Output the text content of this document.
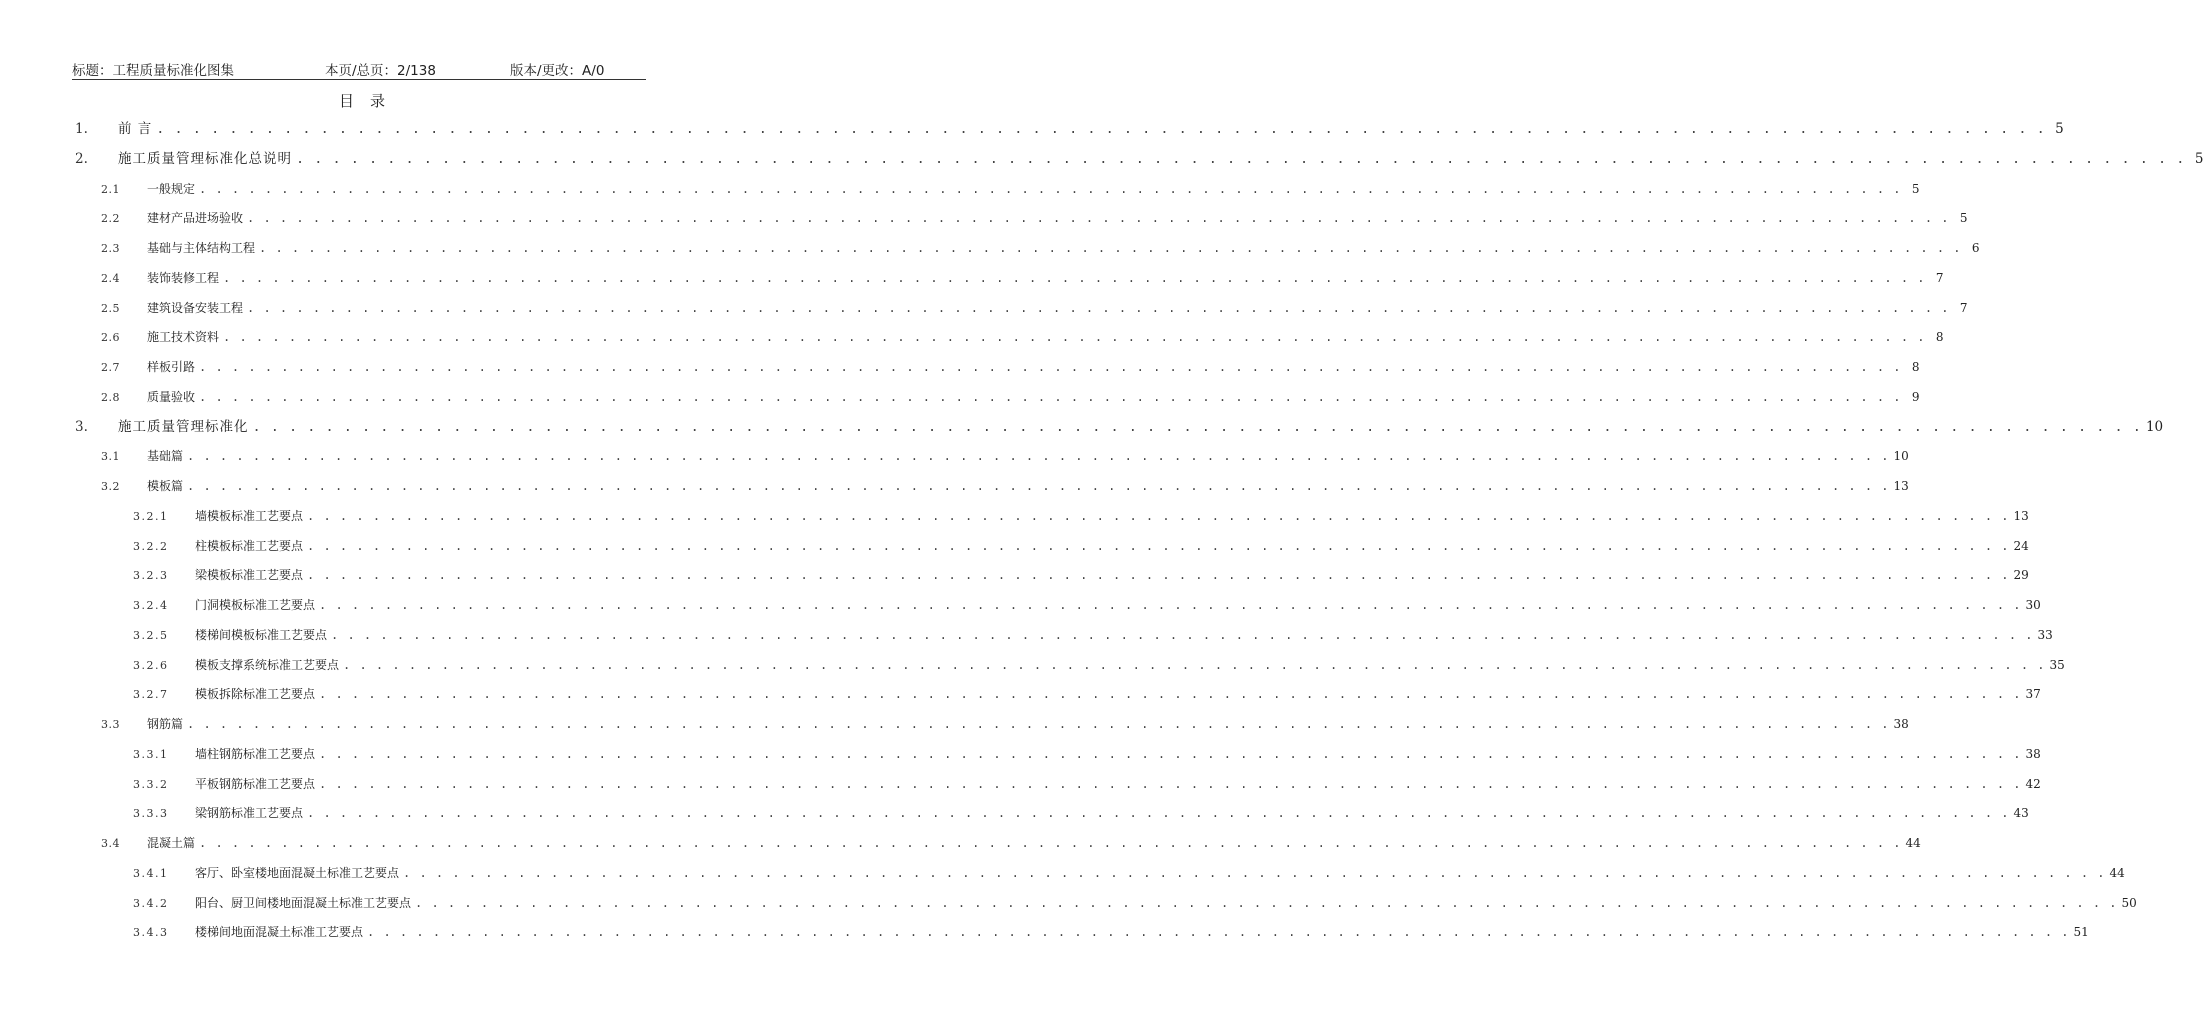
标题：工程质量标准化图集	本页/总页：2/138	版本/更改：A/0
目录
1.	前 言 . . . . . . . . . . . . . . . . . . . . . . . . . . . . . . . . . . . . . . . . . . . . . . . . . . . . . . . . . . . . . . . . . . . . . . . . . . . . . . . . . . . . . . . . . . . . . . . . . . . . . . . . 5
2.	施工质量管理标准化总说明 . . . . . . . . . . . . . . . . . . . . . . . . . . . . . . . . . . . . . . . . . . . . . . . . . . . . . . . . . . . . . . . . . . . . . . . . . . . . . . . . . . . . . . . . . . . . . . . . . . . . . . . . 5
2.1	一般规定 . . . . . . . . . . . . . . . . . . . . . . . . . . . . . . . . . . . . . . . . . . . . . . . . . . . . . . . . . . . . . . . . . . . . . . . . . . . . . . . . . . . . . . . . . . . . . . . . . . . . . . . . 5
2.2	建材产品进场验收 . . . . . . . . . . . . . . . . . . . . . . . . . . . . . . . . . . . . . . . . . . . . . . . . . . . . . . . . . . . . . . . . . . . . . . . . . . . . . . . . . . . . . . . . . . . . . . . . . . . . . . . . 5
2.3	基础与主体结构工程 . . . . . . . . . . . . . . . . . . . . . . . . . . . . . . . . . . . . . . . . . . . . . . . . . . . . . . . . . . . . . . . . . . . . . . . . . . . . . . . . . . . . . . . . . . . . . . . . . . . . . . . . 6
2.4	装饰装修工程 . . . . . . . . . . . . . . . . . . . . . . . . . . . . . . . . . . . . . . . . . . . . . . . . . . . . . . . . . . . . . . . . . . . . . . . . . . . . . . . . . . . . . . . . . . . . . . . . . . . . . . . . 7
2.5	建筑设备安装工程 . . . . . . . . . . . . . . . . . . . . . . . . . . . . . . . . . . . . . . . . . . . . . . . . . . . . . . . . . . . . . . . . . . . . . . . . . . . . . . . . . . . . . . . . . . . . . . . . . . . . . . . . 7
2.6	施工技术资料 . . . . . . . . . . . . . . . . . . . . . . . . . . . . . . . . . . . . . . . . . . . . . . . . . . . . . . . . . . . . . . . . . . . . . . . . . . . . . . . . . . . . . . . . . . . . . . . . . . . . . . . . 8
2.7	样板引路 . . . . . . . . . . . . . . . . . . . . . . . . . . . . . . . . . . . . . . . . . . . . . . . . . . . . . . . . . . . . . . . . . . . . . . . . . . . . . . . . . . . . . . . . . . . . . . . . . . . . . . . . 8
2.8	质量验收 . . . . . . . . . . . . . . . . . . . . . . . . . . . . . . . . . . . . . . . . . . . . . . . . . . . . . . . . . . . . . . . . . . . . . . . . . . . . . . . . . . . . . . . . . . . . . . . . . . . . . . . . 9
3.	施工质量管理标准化 . . . . . . . . . . . . . . . . . . . . . . . . . . . . . . . . . . . . . . . . . . . . . . . . . . . . . . . . . . . . . . . . . . . . . . . . . . . . . . . . . . . . . . . . . . . . . . . . . . . . . . . . 10
3.1	基础篇 . . . . . . . . . . . . . . . . . . . . . . . . . . . . . . . . . . . . . . . . . . . . . . . . . . . . . . . . . . . . . . . . . . . . . . . . . . . . . . . . . . . . . . . . . . . . . . . . . . . . . . . . 10
3.2	模板篇 . . . . . . . . . . . . . . . . . . . . . . . . . . . . . . . . . . . . . . . . . . . . . . . . . . . . . . . . . . . . . . . . . . . . . . . . . . . . . . . . . . . . . . . . . . . . . . . . . . . . . . . . 13
3.2.1	墙模板标准工艺要点 . . . . . . . . . . . . . . . . . . . . . . . . . . . . . . . . . . . . . . . . . . . . . . . . . . . . . . . . . . . . . . . . . . . . . . . . . . . . . . . . . . . . . . . . . . . . . . . . . . . . . . . . 13
3.2.2	柱模板标准工艺要点 . . . . . . . . . . . . . . . . . . . . . . . . . . . . . . . . . . . . . . . . . . . . . . . . . . . . . . . . . . . . . . . . . . . . . . . . . . . . . . . . . . . . . . . . . . . . . . . . . . . . . . . . 24
3.2.3	梁模板标准工艺要点 . . . . . . . . . . . . . . . . . . . . . . . . . . . . . . . . . . . . . . . . . . . . . . . . . . . . . . . . . . . . . . . . . . . . . . . . . . . . . . . . . . . . . . . . . . . . . . . . . . . . . . . . 29
3.2.4	门洞模板标准工艺要点 . . . . . . . . . . . . . . . . . . . . . . . . . . . . . . . . . . . . . . . . . . . . . . . . . . . . . . . . . . . . . . . . . . . . . . . . . . . . . . . . . . . . . . . . . . . . . . . . . . . . . . . . 30
3.2.5	楼梯间模板标准工艺要点 . . . . . . . . . . . . . . . . . . . . . . . . . . . . . . . . . . . . . . . . . . . . . . . . . . . . . . . . . . . . . . . . . . . . . . . . . . . . . . . . . . . . . . . . . . . . . . . . . . . . . . . . 33
3.2.6	模板支撑系统标准工艺要点 . . . . . . . . . . . . . . . . . . . . . . . . . . . . . . . . . . . . . . . . . . . . . . . . . . . . . . . . . . . . . . . . . . . . . . . . . . . . . . . . . . . . . . . . . . . . . . . . . . . . . . . . 35
3.2.7	模板拆除标准工艺要点 . . . . . . . . . . . . . . . . . . . . . . . . . . . . . . . . . . . . . . . . . . . . . . . . . . . . . . . . . . . . . . . . . . . . . . . . . . . . . . . . . . . . . . . . . . . . . . . . . . . . . . . . 37
3.3	钢筋篇 . . . . . . . . . . . . . . . . . . . . . . . . . . . . . . . . . . . . . . . . . . . . . . . . . . . . . . . . . . . . . . . . . . . . . . . . . . . . . . . . . . . . . . . . . . . . . . . . . . . . . . . . 38
3.3.1	墙柱钢筋标准工艺要点 . . . . . . . . . . . . . . . . . . . . . . . . . . . . . . . . . . . . . . . . . . . . . . . . . . . . . . . . . . . . . . . . . . . . . . . . . . . . . . . . . . . . . . . . . . . . . . . . . . . . . . . . 38
3.3.2	平板钢筋标准工艺要点 . . . . . . . . . . . . . . . . . . . . . . . . . . . . . . . . . . . . . . . . . . . . . . . . . . . . . . . . . . . . . . . . . . . . . . . . . . . . . . . . . . . . . . . . . . . . . . . . . . . . . . . . 42
3.3.3	梁钢筋标准工艺要点 . . . . . . . . . . . . . . . . . . . . . . . . . . . . . . . . . . . . . . . . . . . . . . . . . . . . . . . . . . . . . . . . . . . . . . . . . . . . . . . . . . . . . . . . . . . . . . . . . . . . . . . . 43
3.4	混凝土篇 . . . . . . . . . . . . . . . . . . . . . . . . . . . . . . . . . . . . . . . . . . . . . . . . . . . . . . . . . . . . . . . . . . . . . . . . . . . . . . . . . . . . . . . . . . . . . . . . . . . . . . . . 44
3.4.1	客厅、卧室楼地面混凝土标准工艺要点 . . . . . . . . . . . . . . . . . . . . . . . . . . . . . . . . . . . . . . . . . . . . . . . . . . . . . . . . . . . . . . . . . . . . . . . . . . . . . . . . . . . . . . . . . . . . . . . . . . . . . . . . 44
3.4.2	阳台、厨卫间楼地面混凝土标准工艺要点 . . . . . . . . . . . . . . . . . . . . . . . . . . . . . . . . . . . . . . . . . . . . . . . . . . . . . . . . . . . . . . . . . . . . . . . . . . . . . . . . . . . . . . . . . . . . . . . . . . . . . . . . 50
3.4.3	楼梯间地面混凝土标准工艺要点 . . . . . . . . . . . . . . . . . . . . . . . . . . . . . . . . . . . . . . . . . . . . . . . . . . . . . . . . . . . . . . . . . . . . . . . . . . . . . . . . . . . . . . . . . . . . . . . . . . . . . . . . 51
